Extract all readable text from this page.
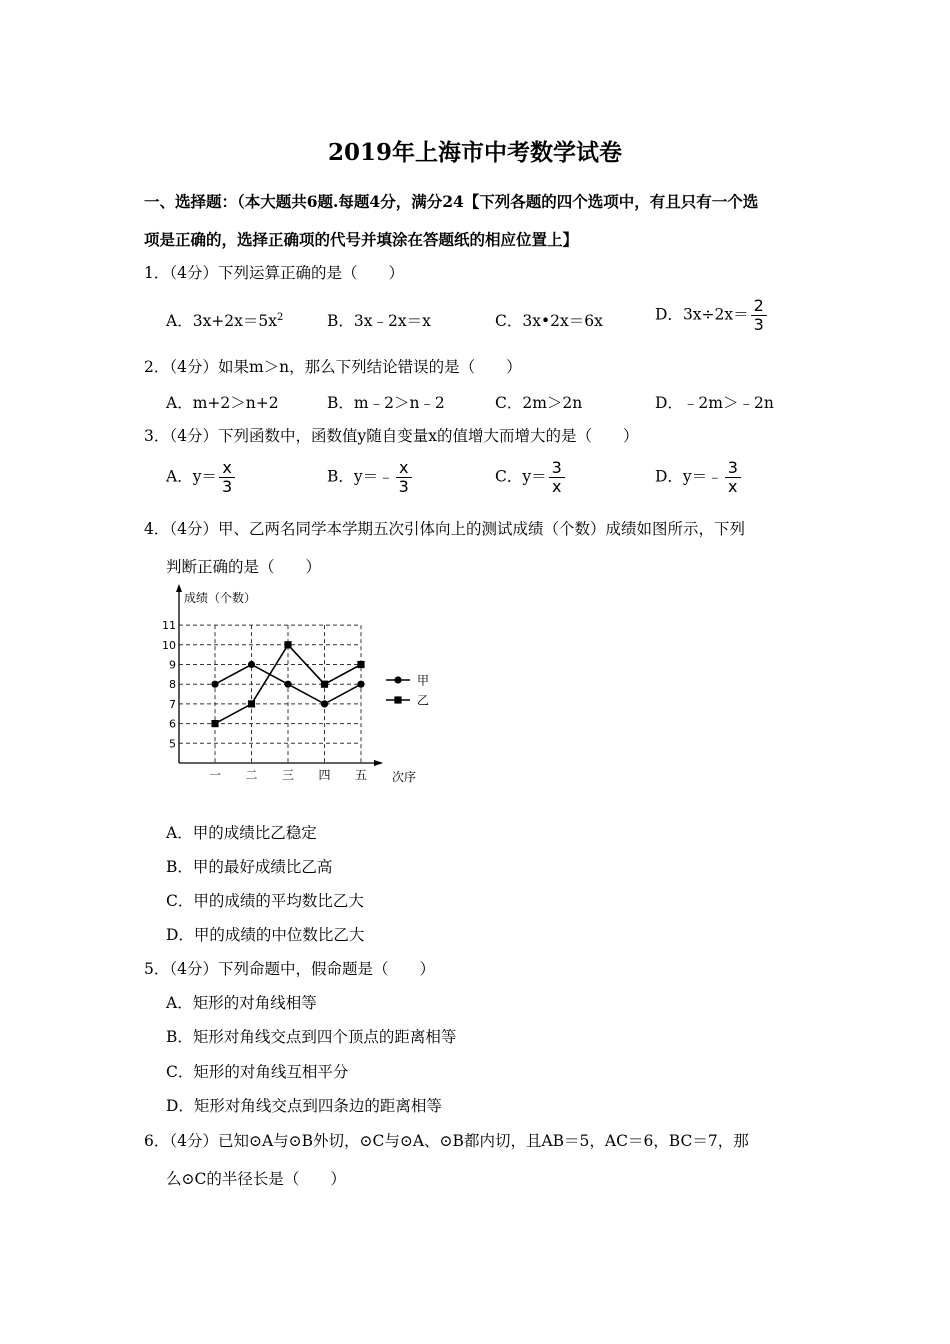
2019年上海市中考数学试卷
一、选择题：（本大题共6题.每题4分，满分24【下列各题的四个选项中，有且只有一个选
项是正确的，选择正确项的代号并填涂在答题纸的相应位置上】
1．（4分）下列运算正确的是（　　）
A．$3x+2x=5x^2$	B．3x﹣2x＝x	C．3x•2x＝6x	D．$3x\div 2x= \frac{2}{3}$
2．（4分）如果m＞n，那么下列结论错误的是（　　）
A．m+2＞n+2	B．m﹣2＞n﹣2	C．2m＞2n	D．﹣2m＞﹣2n
3．（4分）下列函数中，函数值y随自变量x的值增大而增大的是（　　）
A．$y= \frac{x}{3}$	B．y＝﹣ $\frac{x}{3}$	C．$y= \frac{3}{x}$	D．y＝﹣ $\frac{3}{x}$
4．（4分）甲、乙两名同学本学期五次引体向上的测试成绩（个数）成绩如图所示，下列
判断正确的是（　　）
成绩（个数）
次序
5
6
7
8
9
10
11
一 二 三 四 五
甲
乙
A．甲的成绩比乙稳定
B．甲的最好成绩比乙高
C．甲的成绩的平均数比乙大
D．甲的成绩的中位数比乙大
5．（4分）下列命题中，假命题是（　　）
A．矩形的对角线相等
B．矩形对角线交点到四个顶点的距离相等
C．矩形的对角线互相平分
D．矩形对角线交点到四条边的距离相等
6．（4分）已知⊙A与⊙B外切，⊙C与⊙A、⊙B都内切，且AB＝5，AC＝6，BC＝7，那
么⊙C的半径长是（　　）
